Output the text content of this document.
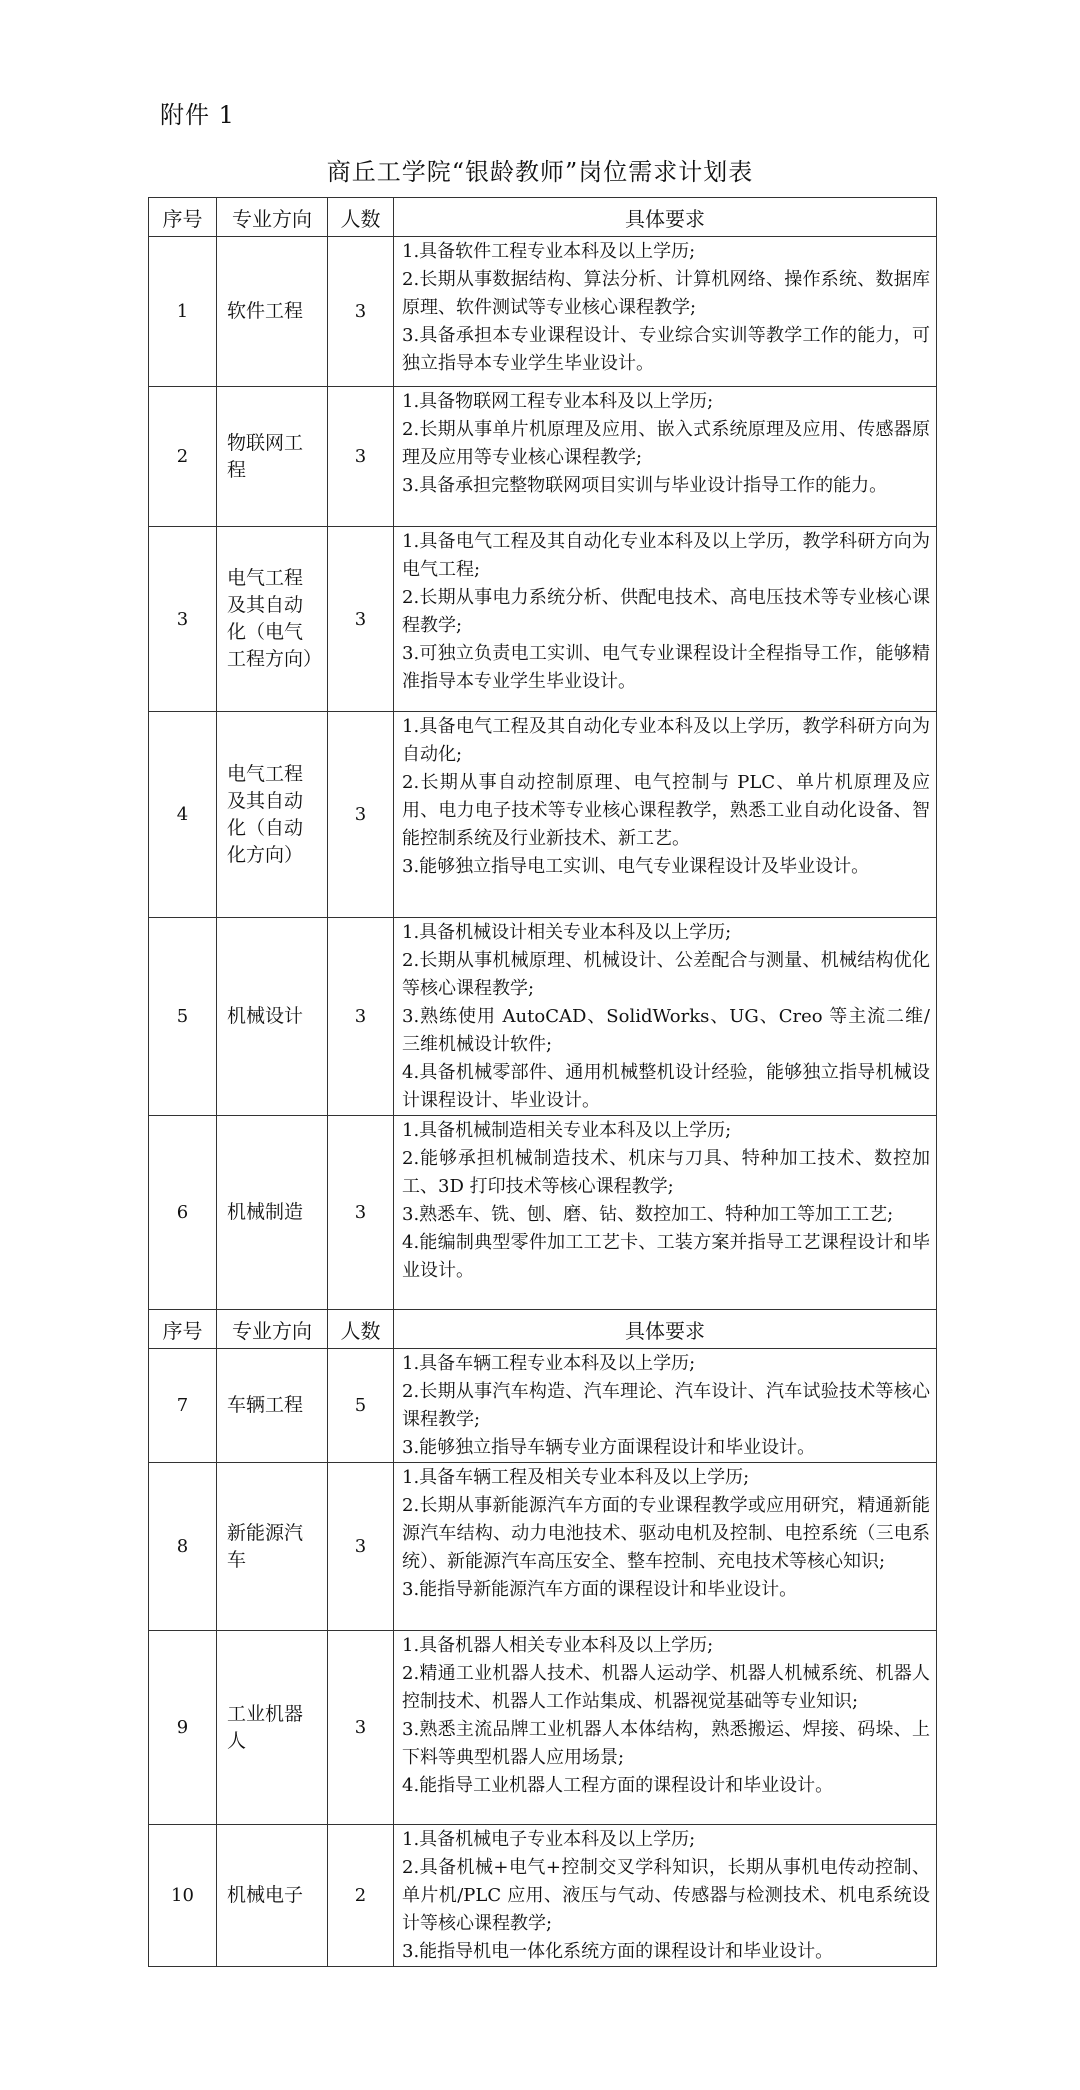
附件 1
商丘工学院“银龄教师”岗位需求计划表
序号	专业方向	人数	具体要求
1	软件工程	3	1.具备软件工程专业本科及以上学历;
2.长期从事数据结构、算法分析、计算机网络、操作系统、数据库原理、软件测试等专业核心课程教学;
3.具备承担本专业课程设计、专业综合实训等教学工作的能力，可独立指导本专业学生毕业设计。

2	物联网工程	3	1.具备物联网工程专业本科及以上学历;
2.长期从事单片机原理及应用、嵌入式系统原理及应用、传感器原理及应用等专业核心课程教学;
3.具备承担完整物联网项目实训与毕业设计指导工作的能力。

3	电气工程及其自动化（电气工程方向）	3	1.具备电气工程及其自动化专业本科及以上学历，教学科研方向为电气工程;
2.长期从事电力系统分析、供配电技术、高电压技术等专业核心课程教学;
3.可独立负责电工实训、电气专业课程设计全程指导工作，能够精准指导本专业学生毕业设计。

4	电气工程及其自动化（自动化方向）	3	1.具备电气工程及其自动化专业本科及以上学历，教学科研方向为自动化;
2.长期从事自动控制原理、电气控制与 PLC、单片机原理及应用、电力电子技术等专业核心课程教学，熟悉工业自动化设备、智能控制系统及行业新技术、新工艺。
3.能够独立指导电工实训、电气专业课程设计及毕业设计。

5	机械设计	3	1.具备机械设计相关专业本科及以上学历;
2.长期从事机械原理、机械设计、公差配合与测量、机械结构优化等核心课程教学;
3.熟练使用 AutoCAD、SolidWorks、UG、Creo 等主流二维/三维机械设计软件;
4.具备机械零部件、通用机械整机设计经验，能够独立指导机械设计课程设计、毕业设计。

6	机械制造	3	1.具备机械制造相关专业本科及以上学历;
2.能够承担机械制造技术、机床与刀具、特种加工技术、数控加工、3D 打印技术等核心课程教学;
3.熟悉车、铣、刨、磨、钻、数控加工、特种加工等加工工艺;
4.能编制典型零件加工工艺卡、工装方案并指导工艺课程设计和毕业设计。

序号	专业方向	人数	具体要求
7	车辆工程	5	1.具备车辆工程专业本科及以上学历;
2.长期从事汽车构造、汽车理论、汽车设计、汽车试验技术等核心课程教学;
3.能够独立指导车辆专业方面课程设计和毕业设计。

8	新能源汽车	3	1.具备车辆工程及相关专业本科及以上学历;
2.长期从事新能源汽车方面的专业课程教学或应用研究，精通新能源汽车结构、动力电池技术、驱动电机及控制、电控系统（三电系统）、新能源汽车高压安全、整车控制、充电技术等核心知识;
3.能指导新能源汽车方面的课程设计和毕业设计。

9	工业机器人	3	1.具备机器人相关专业本科及以上学历;
2.精通工业机器人技术、机器人运动学、机器人机械系统、机器人控制技术、机器人工作站集成、机器视觉基础等专业知识;
3.熟悉主流品牌工业机器人本体结构，熟悉搬运、焊接、码垛、上下料等典型机器人应用场景;
4.能指导工业机器人工程方面的课程设计和毕业设计。

10	机械电子	2	1.具备机械电子专业本科及以上学历;
2.具备机械+电气+控制交叉学科知识，长期从事机电传动控制、单片机/PLC 应用、液压与气动、传感器与检测技术、机电系统设计等核心课程教学;
3.能指导机电一体化系统方面的课程设计和毕业设计。
